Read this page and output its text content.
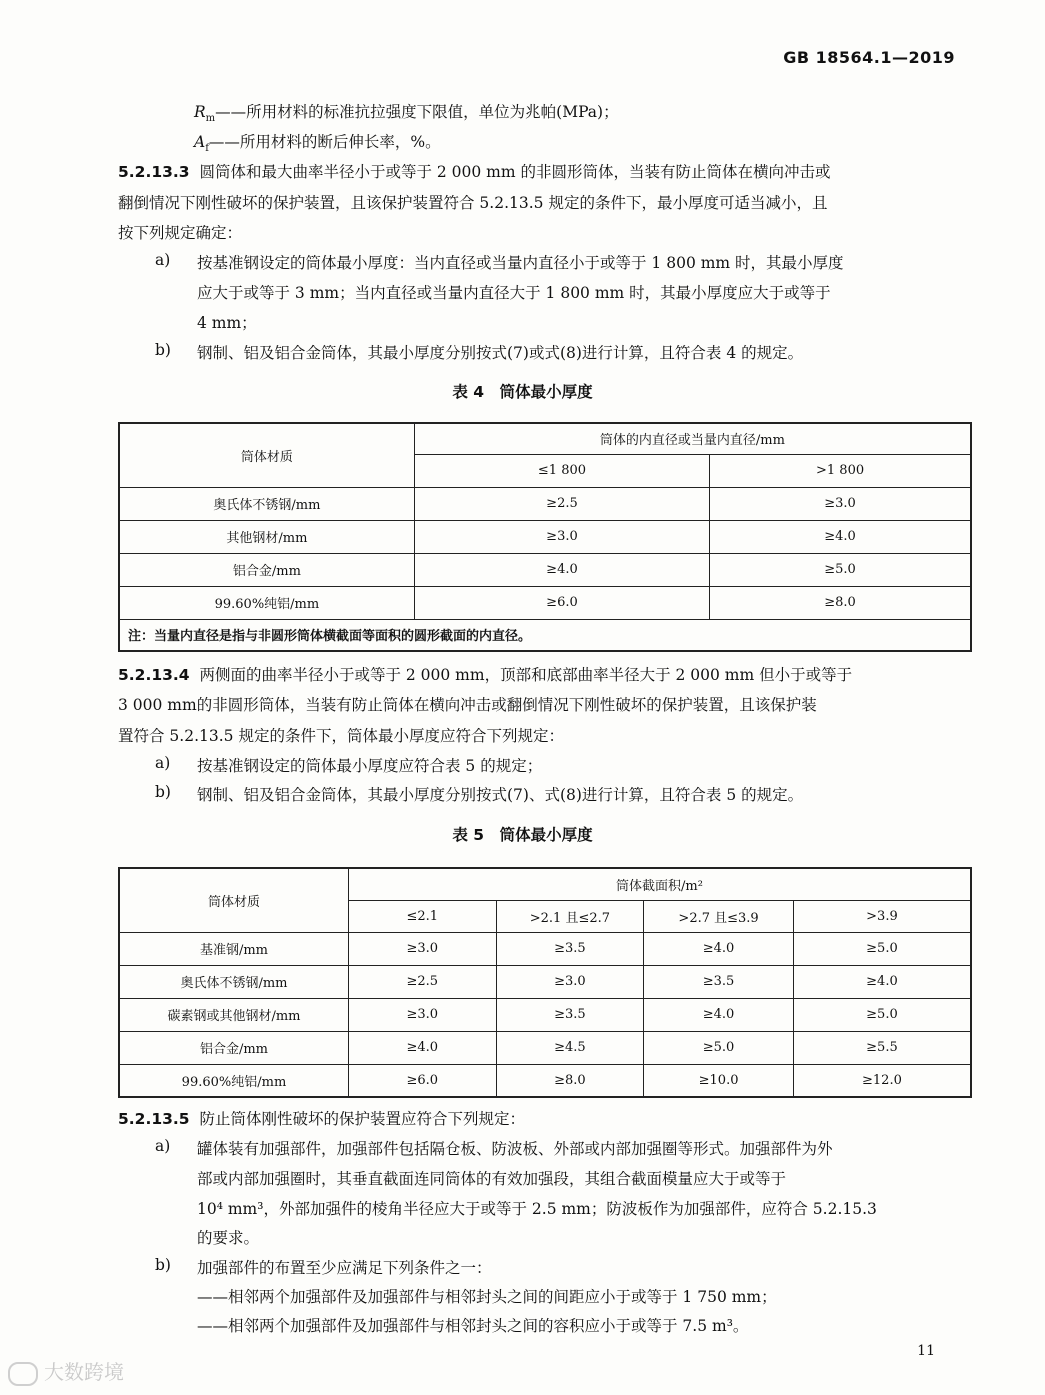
GB 18564.1—2019
$R_m——$所用材料的标准抗拉强度下限值，单位为兆帕(MPa)；
$A_f——$所用材料的断后伸长率，%。
5.2.13.3 圆筒体和最大曲率半径小于或等于 2 000 mm 的非圆形筒体，当装有防止筒体在横向冲击或
翻倒情况下刚性破坏的保护装置，且该保护装置符合 5.2.13.5 规定的条件下，最小厚度可适当减小，且
按下列规定确定：
a) 按基准钢设定的筒体最小厚度：当内直径或当量内直径小于或等于 1 800 mm 时，其最小厚度
应大于或等于 3 mm；当内直径或当量内直径大于 1 800 mm 时，其最小厚度应大于或等于
4 mm；
b) 钢制、铝及铝合金筒体，其最小厚度分别按式(7)或式(8)进行计算，且符合表 4 的规定。
表 4　筒体最小厚度
筒体材质	筒体的内直径或当量内直径/mm	
	≤1 800	>1 800
奥氏体不锈钢/mm	≥2.5	≥3.0
其他钢材/mm	≥3.0	≥4.0
铝合金/mm	≥4.0	≥5.0
99.60%纯铝/mm	≥6.0	≥8.0
注：当量内直径是指与非圆形筒体横截面等面积的圆形截面的内直径。		
5.2.13.4 两侧面的曲率半径小于或等于 2 000 mm，顶部和底部曲率半径大于 2 000 mm 但小于或等于
3 000 mm的非圆形筒体，当装有防止筒体在横向冲击或翻倒情况下刚性破坏的保护装置，且该保护装
置符合 5.2.13.5 规定的条件下，筒体最小厚度应符合下列规定：
a) 按基准钢设定的筒体最小厚度应符合表 5 的规定；
b) 钢制、铝及铝合金筒体，其最小厚度分别按式(7)、式(8)进行计算，且符合表 5 的规定。
表 5　筒体最小厚度
筒体材质	筒体截面积/m²			
	≤2.1	>2.1 且≤2.7	>2.7 且≤3.9	>3.9
基准钢/mm	≥3.0	≥3.5	≥4.0	≥5.0
奥氏体不锈钢/mm	≥2.5	≥3.0	≥3.5	≥4.0
碳素钢或其他钢材/mm	≥3.0	≥3.5	≥4.0	≥5.0
铝合金/mm	≥4.0	≥4.5	≥5.0	≥5.5
99.60%纯铝/mm	≥6.0	≥8.0	≥10.0	≥12.0
5.2.13.5 防止筒体刚性破坏的保护装置应符合下列规定：
a) 罐体装有加强部件，加强部件包括隔仓板、防波板、外部或内部加强圈等形式。加强部件为外
部或内部加强圈时，其垂直截面连同筒体的有效加强段，其组合截面模量应大于或等于
10⁴ mm³，外部加强件的棱角半径应大于或等于 2.5 mm；防波板作为加强部件，应符合 5.2.15.3
的要求。
b) 加强部件的布置至少应满足下列条件之一：
——相邻两个加强部件及加强部件与相邻封头之间的间距应小于或等于 1 750 mm；
——相邻两个加强部件及加强部件与相邻封头之间的容积应小于或等于 7.5 m³。
11
大数跨境
